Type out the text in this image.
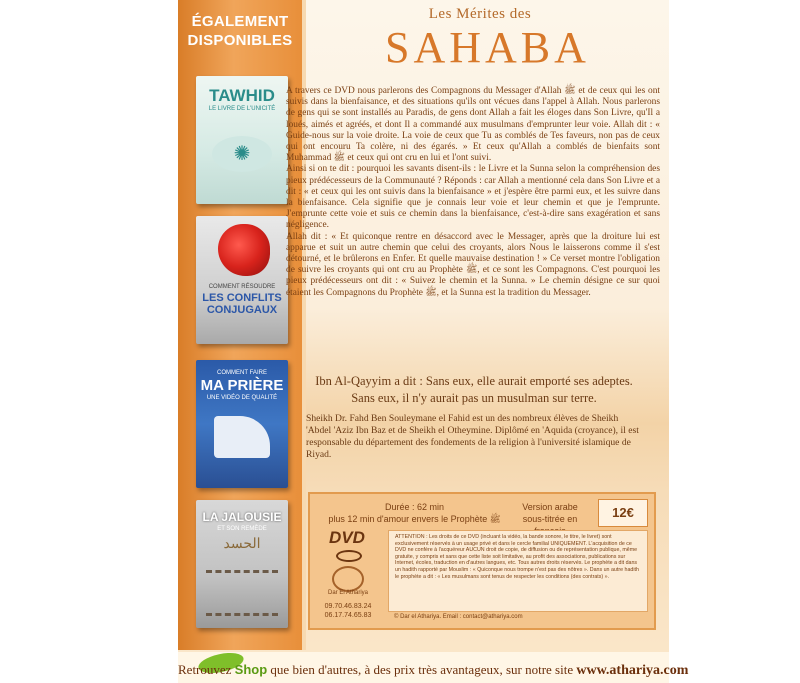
ÉGALEMENT
DISPONIBLES
TAWHID
LE LIVRE DE L'UNICITÉ
✺
COMMENT RÉSOUDRE
LES CONFLITS CONJUGAUX
COMMENT FAIRE
MA PRIÈRE
UNE VIDÉO DE QUALITÉ
LA JALOUSIE
ET SON REMÈDE
الحسد
Les Mérites des
SAHABA

A travers ce DVD nous parlerons des Compagnons du Messager d'Allah ﷺ et de ceux qui les ont suivis dans la bienfaisance, et des situations qu'ils ont vécues dans l'appel à Allah. Nous parlerons de gens qui se sont installés au Paradis, de gens dont Allah a fait les éloges dans Son Livre, qu'Il a loués, aimés et agréés, et dont Il a commandé aux musulmans d'emprunter leur voie. Allah dit : « Guide-nous sur la voie droite. La voie de ceux que Tu as comblés de Tes faveurs, non pas de ceux qui ont encouru Ta colère, ni des égarés. » Et ceux qu'Allah a comblés de bienfaits sont Muhammad ﷺ et ceux qui ont cru en lui et l'ont suivi.

Ainsi si on te dit : pourquoi les savants disent-ils : le Livre et la Sunna selon la compréhension des pieux prédécesseurs de la Communauté ? Réponds : car Allah a mentionné cela dans Son Livre et a dit : « et ceux qui les ont suivis dans la bienfaisance » et j'espère être parmi eux, et les suivre dans la bienfaisance. Cela signifie que je connais leur voie et leur chemin et que je l'emprunte. J'emprunte cette voie et suis ce chemin dans la bienfaisance, c'est-à-dire sans exagération et sans négligence.

Allah dit : « Et quiconque rentre en désaccord avec le Messager, après que la droiture lui est apparue et suit un autre chemin que celui des croyants, alors Nous le laisserons comme il s'est détourné, et le brûlerons en Enfer. Et quelle mauvaise destination ! » Ce verset montre l'obligation de suivre les croyants qui ont cru au Prophète ﷺ, et ce sont les Compagnons. C'est pourquoi les pieux prédécesseurs ont dit : « Suivez le chemin et la Sunna. » Le chemin désigne ce sur quoi étaient les Compagnons du Prophète ﷺ, et la Sunna est la tradition du Messager.

Ibn Al-Qayyim a dit : Sans eux, elle aurait emporté ses adeptes.
Sans eux, il n'y aurait pas un musulman sur terre.
Sheikh Dr. Fahd Ben Souleymane el Fahid est un des nombreux élèves de Sheikh 'Abdel 'Aziz Ibn Baz et de Sheikh el Otheymine. Diplômé en 'Aquida (croyance), il est responsable du département des fondements de la religion à l'université islamique de Riyad.
Durée : 62 min
plus 12 min d'amour envers le Prophète ﷺ
Version arabe
sous-titrée en	12€
DVD
Dar El Athariya
09.70.46.83.24
06.17.74.65.83
ATTENTION : Les droits de ce DVD (incluant la vidéo, la bande sonore, le titre, le livret) sont exclusivement réservés à un usage privé et dans le cercle familial UNIQUEMENT. L'acquisition de ce DVD ne confère à l'acquéreur AUCUN droit de copie, de diffusion ou de représentation publique, même gratuite, y compris et sans que cette liste soit limitative, au profit des associations, publications sur Internet, écoles, traduction en d'autres langues, etc. Tous autres droits réservés. Le prophète a dit dans un hadith rapporté par Mouslim : « Quiconque nous trompe n'est pas des nôtres ». Dans un autre hadith le prophète a dit : « Les musulmans sont tenus de respecter les conditions (des contrats) ».
© Dar el Athariya. Email : contact@athariya.com
Retrouvez Shop que bien d'autres, à des prix très avantageux, sur notre site www.athariya.com
